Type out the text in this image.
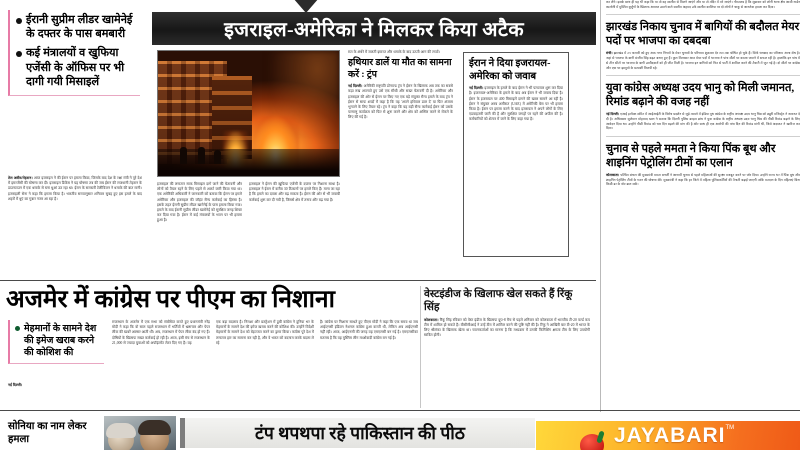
ईरानी सुप्रीम लीडर खामेनेई के दफ्तर के पास बमबारी
कई मंत्रालयों व खुफिया एजेंसी के ऑफिस पर भी दागी गयी मिसाइलें
तेल अवीव/तेहरान। आज इजराइल ने की ईरान पर हमला किया, जिसके बाद देश के रक्षा मंत्री ने पूरे देश में इमरजेंसी की घोषणा कर दी। इजराइल डिफेंस ने यह घोषणा तब की जब ईरान की राजधानी तेहरान के डाउनटाउन में एक धमाके से घना धुआं उठ रहा था। ईरान के सरकारी टेलीविजन ने धमाके की बात मानी। इजराइली सेना ने कहा कि हमला किया है। भारतीय समयानुसार शनिवार सुबह हुए इस हमले के बाद शहरों में धुएं का गुबार नजर आ रहा है।
इजराइल-अमेरिका ने मिलकर किया अटैक
इजराइल की लगातार साफ मिसाइल दागे जाने की चेतावनी और लोगों को तैयार रहने के लिए पहले से अलर्ट जारी किया गया था। एक अमेरिकी अधिकारी ने जानकारी को बताया कि ईरान पर हमले अमेरिका और इजराइल की जॉइंट सैन्य कार्रवाई का हिस्सा है। इसके तहत ईरानी सुप्रीम लीडर खामेनेई के पास हमला किया गया। हमले के बाद ईरानी सुप्रीम लीडर खामेनेई को सुरक्षित जगह शिफ्ट कर दिया गया है। ईरान में कई मंत्रालयों के भवन पर भी हमला हुआ है।
इजराइल ने ईरान की खुफिया एजेंसी के दफ्तर पर निशाना साधा है। इजराइल ने ईरान में करीब 30 ठिकानों पर हमले किए हैं। माना जा रहा है कि हमले का दायरा और बढ़ सकता है। ईरान की ओर से भी जवाबी कार्रवाई शुरू कर दी गयी है, जिससे क्षेत्र में तनाव और बढ़ गया है।
रात के अंधेरे में जलती इमारत और धमाके के बाद उठती आग की लपटें।
हथियार डालें या मौत का सामना करें : ट्रंप
नई दिल्ली। अमेरिकी राष्ट्रपति डोनाल्ड ट्रंप ने ईरान के खिलाफ अब तक का सबसे कड़ा रुख अपनाते हुए उसे एक सीधी और सख्त चेतावनी दी है। अमेरिका और इजराइल की ओर से ईरान पर किए गए एक बड़े संयुक्त सैन्य हमले के बाद ट्रंप ने ईरान से साफ शब्दों में कहा है कि वह 'अपने हथियार डाल दे' या फिर अंजाम भुगतने के लिए तैयार रहे। ट्रंप ने कहा कि यह बड़ी सैन्य कार्रवाई ईरान को उसके परमाणु कार्यक्रम को फिर से शुरू करने और क्षेत्र को अस्थिर करने से रोकने के लिए की गई है।
ईरान ने दिया इजरायल-अमेरिका को जवाब
नई दिल्ली। इजराइल के हमले के बाद ईरान ने भी पलटवार शुरू कर दिया है। इजरायल-अमेरिका के हमले के बाद अब ईरान ने भी जवाब दिया है। ईरान के इजरायल पर 400 मिसाइलें दागने की खबर सामने आ रही है। ईरान ने संयुक्त अरब अमीरात (UAE) में अमेरिकी बेस पर भी हमला किया है। ईरान पर हमला करने के बाद इजरायल ने अपने लोगों के लिए एडवाइजरी जारी की है और सुरक्षित जगहों पर रहने की अपील की है। कर्मचारियों को शेल्टर में जाने के लिए कहा गया है।
कर लेंगे। इसके साथ ही यह भी कहा कि या तो वह सालीम से मिलने जाएंगे और या तो मंदिर में मरे जाएंगे। गौरतलब है कि शुक्रवार को लोनी थाना क्षेत्र आसी गार्डन कालोनी में मुस्लिम बुर्जुगों के खिलाफ आवाज उठाने वाले सालीम अहमद उर्फ सालीम कालिया पर दो लोगों ने चाकू से जानलेवा हमला कर दिया।
झारखंड निकाय चुनाव में बागियों की बदौलत मेयर पदों पर भाजपा का दबदबा
रांची। झारखंड में 23 फरवरी को हुए आठ नगर निगमों के मेयर चुनावों के परिणाम शुक्रवार देर रात तक घोषित हो चुके हैं। सिर्फ धनबाद का परिणाम आना शेष है। जहां से भाजपा के बागी संजीव सिंह बढ़त बनाए हुए हैं। कुल मिलाकर आठ मेयर पदों में भाजपा ने पांच सीटों पर कब्जा जमाने में सफल रही है। हालांकि इन पांच में से तीन सीटों पर भाजपा के बागी उम्मीदवारों को ही जीत मिली है। भाजपा इन बागियों को फिर से पार्टी में शामिल करने की तैयारी में जुट गई है। दो सीटों पर कांग्रेस और एक पर झामुमो के प्रत्याशी विजयी रहे।
युवा कांग्रेस अध्यक्ष उदय भानु को मिली जमानत, रिमांड बढ़ाने की वजह नहीं
नई दिल्ली। एआई इम्पैक्ट समिट में आईआईटी के विरोध प्रदर्शन से जुड़े मामले में इंडिया यूथ कांग्रेस के राष्ट्रीय अध्यक्ष उदय भानु चिब को ड्यूटी मजिस्ट्रेट ने जमानत दे दी है। अधिवक्ता सुलेमान मोहम्मद खान ने बताया कि दिल्ली पुलिस क्राइम ब्रांच ने युवा कांग्रेस के राष्ट्रीय अध्यक्ष उदय भानु चिब की पीसी रिमांड बढ़ाने के लिए आवेदन दिया था। उन्होंने पीसी रिमांड को चार दिन बढ़ाने की मांग की है और साथ ही एक आरोपी की पांच दिन की रिमांड मांगी थी, जिसे अदालत ने खारिज कर दिया।
चुनाव से पहले ममता ने किया पिंक बूथ और शाइनिंग पेट्रोलिंग टीमों का एलान
कोलकाता। पश्चिम बंगाल की मुख्यमंत्री ममता बनर्जी ने आगामी चुनाव से पहले महिलाओं की सुरक्षा मजबूत करने पर जोर दिया। उन्होंने राज्य भर में पिंक बूथ और शाइनिंग पेट्रोलिंग टीमों के गठन की घोषणा की। मुख्यमंत्री ने कहा कि हर जिले में महिला पुलिसकर्मियों की तैनाती बढ़ाई जाएगी ताकि मतदान के दिन महिलाएं बिना किसी डर के वोट डाल सकें।
अजमेर में कांग्रेस पर पीएम का निशाना
मेहमानों के सामने देश की इमेज खराब करने की कोशिश की
नई दिल्ली।
राजस्थान के अजमेर में एक सभा को संबोधित करते हुए प्रधानमंत्री नरेंद्र मोदी ने कहा कि वो साल पहले राजस्थान में भर्तियों में भ्रष्टाचार और पेपर लीक की खबरें अक्सर आती थीं। अब, राजस्थान में पेपर लीक बंद हो गए हैं। दोषियों के खिलाफ सख्त कार्रवाई हो रही है। आज, इसी मंच से राजस्थान के 21,000 से ज्यादा युवाओं को अपॉइंटमेंट लेटर दिए गए हैं। यह
एक बड़ा बदलाव है। निराशा और फ्रस्ट्रेशन में डूबी कांग्रेस ने दुनिया भर के मेहमानों के सामने देश की इमेज खराब करने की कोशिश की। उन्होंने विदेशी मेहमानों के सामने देश को बेइज्जत करने का ड्रामा किया। कांग्रेस पूरे देश में लगातार हार का सामना कर रही है, और वे भारत को बदनाम करके बदला ले रहे
हैं। कांग्रेस पर निशाना साधते हुए पीएम मोदी ने कहा कि एक समय था जब आईएनसी इंडियन नेशनल कांग्रेस हुआ करती थी, लेकिन अब आईएनसी नहीं रही। आज, आईएनसी की जगह यह एमएलसी बन गई है। एमएलसीका मतलब है कि यह मुस्लिम लीग माओवादी कांग्रेस बन गई है।
वेस्टइंडीज के खिलाफ खेल सकते हैं रिंकू सिंह
कोलकाता। रिंकू सिंह रविवार को वेस्ट इंडीज के खिलाफ ग्रुप-8 मैच से पहले शनिवार को कोलकाता में भारतीय टी-20 वर्ल्ड कप टीम में शामिल हो सकते हैं। बीसीसीआई ने उन्हें टीम में शामिल करने की पुष्टि नहीं की है। रिंकू ने आखिरी बार टी-20 में भारत के लिए श्रीलंका के खिलाफ खेला था। चयनकर्ताओं का मानना है कि मध्यक्रम में उनकी फिनिशिंग क्षमता टीम के लिए उपयोगी साबित होगी।
सोनिया का नाम लेकर हमला	टंप थपथपा रहे पाकिस्तान की पीठ	JAYABARI TM
